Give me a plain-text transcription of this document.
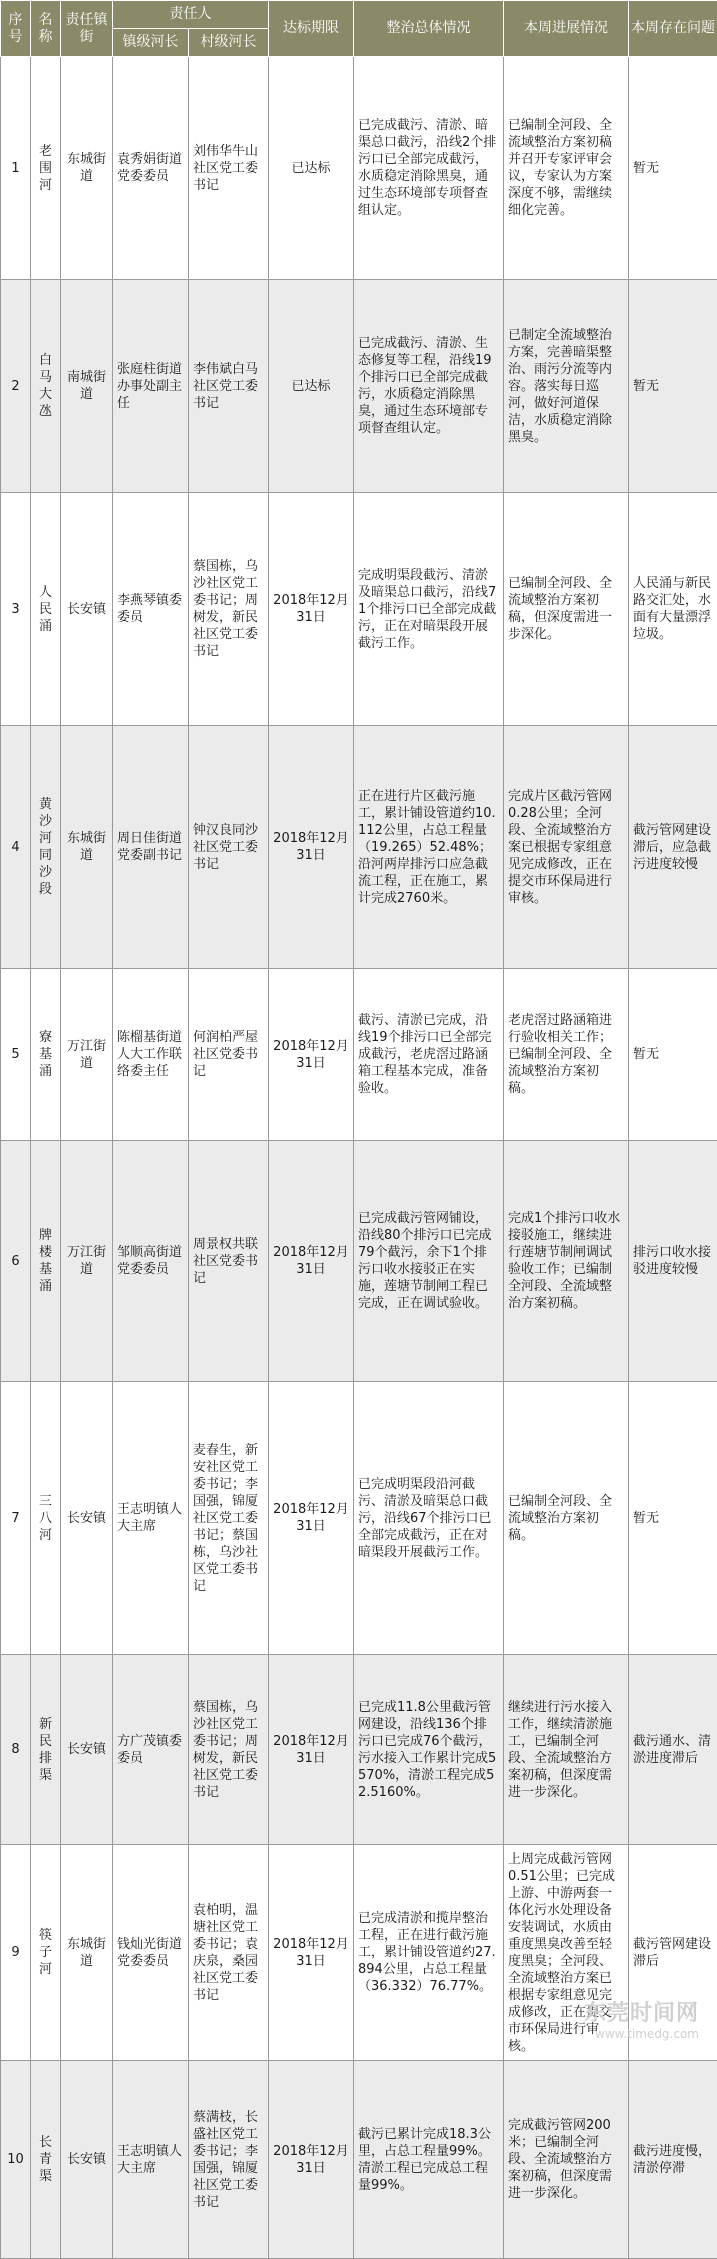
序号	名称	责任镇街	责任人		达标期限	整治总体情况	本周进展情况	本周存在问题
			镇级河长	村级河长				
1	老围河	东城街道	袁秀娟街道党委委员	刘伟华牛山社区党工委书记	已达标	已完成截污、清淤、暗渠总口截污，沿线2个排污口已全部完成截污，水质稳定消除黑臭，通过生态环境部专项督查组认定。	已编制全河段、全流域整治方案初稿并召开专家评审会议，专家认为方案深度不够，需继续细化完善。	暂无
2	白马大氹	南城街道	张庭柱街道办事处副主任	李伟斌白马社区党工委书记	已达标	已完成截污、清淤、生态修复等工程，沿线19个排污口已全部完成截污，水质稳定消除黑臭，通过生态环境部专项督查组认定。	已制定全流域整治方案，完善暗渠整治、雨污分流等内容。落实每日巡河，做好河道保洁，水质稳定消除黑臭。	暂无
3	人民涌	长安镇	李燕琴镇委委员	蔡国栋，乌沙社区党工委书记；周树发，新民社区党工委书记	2018年12月31日	完成明渠段截污、清淤及暗渠总口截污，沿线71个排污口已全部完成截污，正在对暗渠段开展截污工作。	已编制全河段、全流域整治方案初稿，但深度需进一步深化。	人民涌与新民路交汇处，水面有大量漂浮垃圾。
4	黄沙河同沙段	东城街道	周日佳街道党委副书记	钟汉良同沙社区党工委书记	2018年12月31日	正在进行片区截污施工，累计铺设管道约10.112公里，占总工程量（19.265）52.48%；沿河两岸排污口应急截流工程，正在施工，累计完成2760米。	完成片区截污管网0.28公里；全河段、全流域整治方案已根据专家组意见完成修改，正在提交市环保局进行审核。	截污管网建设滞后，应急截污进度较慢
5	寮基涌	万江街道	陈榴基街道人大工作联络委主任	何润柏严屋社区党委书记	2018年12月31日	截污、清淤已完成，沿线19个排污口已全部完成截污，老虎滘过路涵箱工程基本完成，准备验收。	老虎滘过路涵箱进行验收相关工作；已编制全河段、全流域整治方案初稿。	暂无
6	牌楼基涌	万江街道	邹顺高街道党委委员	周景权共联社区党委书记	2018年12月31日	已完成截污管网铺设，沿线80个排污口已完成79个截污，余下1个排污口收水接驳正在实施，莲塘节制闸工程已完成，正在调试验收。	完成1个排污口收水接驳施工，继续进行莲塘节制闸调试验收工作；已编制全河段、全流域整治方案初稿。	排污口收水接驳进度较慢
7	三八河	长安镇	王志明镇人大主席	麦春生，新安社区党工委书记；李国强，锦厦社区党工委书记；蔡国栋，乌沙社区党工委书记	2018年12月31日	已完成明渠段沿河截污、清淤及暗渠总口截污，沿线67个排污口已全部完成截污，正在对暗渠段开展截污工作。	已编制全河段、全流域整治方案初稿。	暂无
8	新民排渠	长安镇	方广茂镇委委员	蔡国栋，乌沙社区党工委书记；周树发，新民社区党工委书记	2018年12月31日	已完成11.8公里截污管网建设，沿线136个排污口已完成76个截污，污水接入工作累计完成5570%，清淤工程完成52.5160%。	继续进行污水接入工作，继续清淤施工，已编制全河段、全流域整治方案初稿，但深度需进一步深化。	截污通水、清淤进度滞后
9	筷子河	东城街道	钱灿光街道党委委员	袁柏明，温塘社区党工委书记；袁庆泉，桑园社区党工委书记	2018年12月31日	已完成清淤和揽岸整治工程，正在进行截污施工，累计铺设管道约27.894公里，占总工程量（36.332）76.77%。	上周完成截污管网0.51公里；已完成上游、中游两套一体化污水处理设备安装调试，水质由重度黑臭改善至轻度黑臭；全河段、全流域整治方案已根据专家组意见完成修改，正在提交市环保局进行审核。	截污管网建设滞后
10	长青渠	长安镇	王志明镇人大主席	蔡满枝，长盛社区党工委书记；李国强，锦厦社区党工委书记	2018年12月31日	截污已累计完成18.3公里，占总工程量99%。清淤工程已完成总工程量99%。	完成截污管网200米；已编制全河段、全流域整治方案初稿，但深度需进一步深化。	截污进度慢，清淤停滞
东莞时间网
www.timedg.com
